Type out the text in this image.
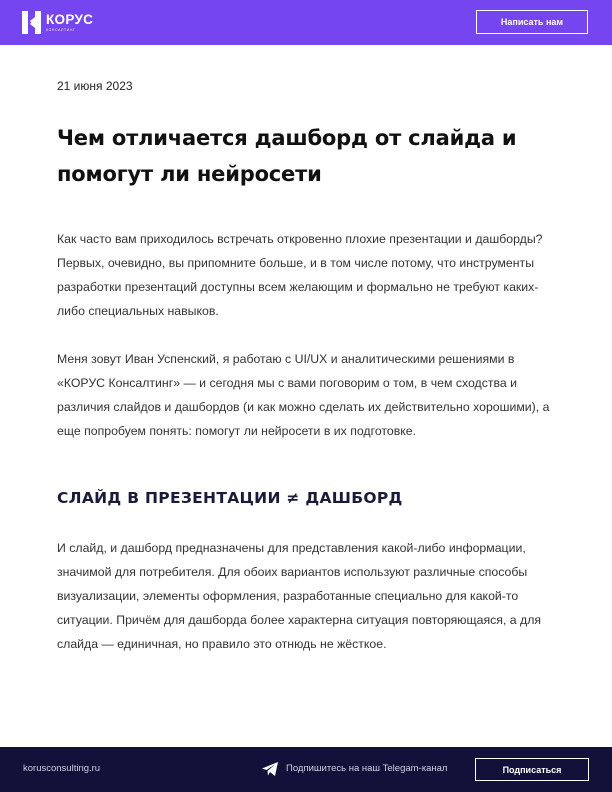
КОРУС
КОНСАЛТИНГ
Написать нам
21 июня 2023
Чем отличается дашборд от слайда и помогут ли нейросети

Как часто вам приходилось встречать откровенно плохие презентации и дашборды? Первых, очевидно, вы припомните больше, и в том числе потому, что инструменты разработки презентаций доступны всем желающим и формально не требуют каких-либо специальных навыков.

Меня зовут Иван Успенский, я работаю с UI/UX и аналитическими решениями в «КОРУС Консалтинг» — и сегодня мы с вами поговорим о том, в чем сходства и различия слайдов и дашбордов (и как можно сделать их действительно хорошими), а еще попробуем понять: помогут ли нейросети в их подготовке.

СЛАЙД В ПРЕЗЕНТАЦИИ ≠ ДАШБОРД

И слайд, и дашборд предназначены для представления какой-либо информации, значимой для потребителя. Для обоих вариантов используют различные способы визуализации, элементы оформления, разработанные специально для какой-то ситуации. Причём для дашборда более характерна ситуация повторяющаяся, а для слайда — единичная, но правило это отнюдь не жёсткое.

korusconsulting.ru	Подпишитесь на наш Telegam-канал	Подписаться
